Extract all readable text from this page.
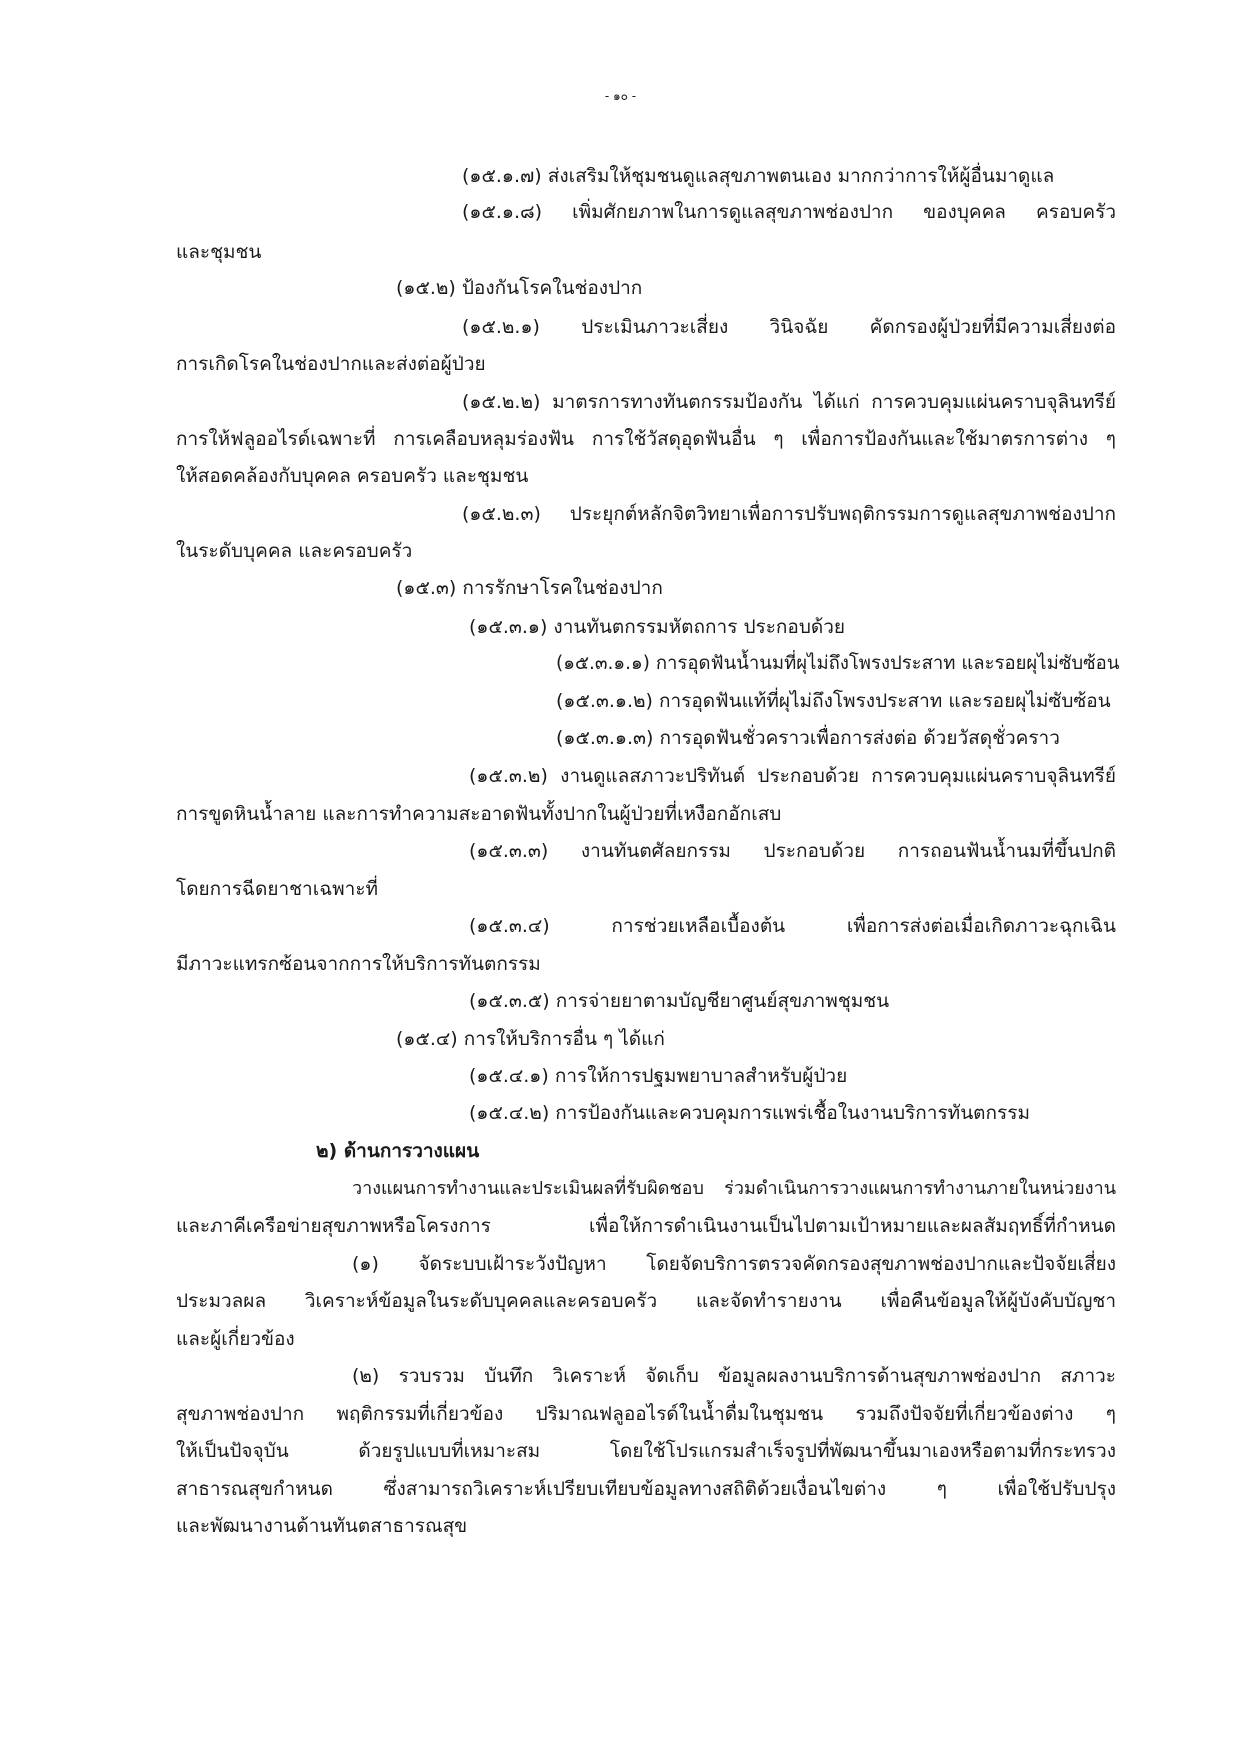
- ๑๐ -
(๑๕.๑.๗) ส่งเสริมให้ชุมชนดูแลสุขภาพตนเอง มากกว่าการให้ผู้อื่นมาดูแล
(๑๕.๑.๘) เพิ่มศักยภาพในการดูแลสุขภาพช่องปาก ของบุคคล ครอบครัว
และชุมชน
(๑๕.๒) ป้องกันโรคในช่องปาก
(๑๕.๒.๑) ประเมินภาวะเสี่ยง วินิจฉัย คัดกรองผู้ป่วยที่มีความเสี่ยงต่อ
การเกิดโรคในช่องปากและส่งต่อผู้ป่วย
(๑๕.๒.๒) มาตรการทางทันตกรรมป้องกัน ได้แก่ การควบคุมแผ่นคราบจุลินทรีย์
การให้ฟลูออไรด์เฉพาะที่ การเคลือบหลุมร่องฟัน การใช้วัสดุอุดฟันอื่น ๆ เพื่อการป้องกันและใช้มาตรการต่าง ๆ
ให้สอดคล้องกับบุคคล ครอบครัว และชุมชน
(๑๕.๒.๓) ประยุกต์หลักจิตวิทยาเพื่อการปรับพฤติกรรมการดูแลสุขภาพช่องปาก
ในระดับบุคคล และครอบครัว
(๑๕.๓) การรักษาโรคในช่องปาก
(๑๕.๓.๑) งานทันตกรรมหัตถการ ประกอบด้วย
(๑๕.๓.๑.๑) การอุดฟันน้ำนมที่ผุไม่ถึงโพรงประสาท และรอยผุไม่ซับซ้อน
(๑๕.๓.๑.๒) การอุดฟันแท้ที่ผุไม่ถึงโพรงประสาท และรอยผุไม่ซับซ้อน
(๑๕.๓.๑.๓) การอุดฟันชั่วคราวเพื่อการส่งต่อ ด้วยวัสดุชั่วคราว
(๑๕.๓.๒) งานดูแลสภาวะปริทันต์ ประกอบด้วย การควบคุมแผ่นคราบจุลินทรีย์
การขูดหินน้ำลาย และการทำความสะอาดฟันทั้งปากในผู้ป่วยที่เหงือกอักเสบ
(๑๕.๓.๓) งานทันตศัลยกรรม ประกอบด้วย การถอนฟันน้ำนมที่ขึ้นปกติ
โดยการฉีดยาชาเฉพาะที่
(๑๕.๓.๔) การช่วยเหลือเบื้องต้น เพื่อการส่งต่อเมื่อเกิดภาวะฉุกเฉิน
มีภาวะแทรกซ้อนจากการให้บริการทันตกรรม
(๑๕.๓.๕) การจ่ายยาตามบัญชียาศูนย์สุขภาพชุมชน
(๑๕.๔) การให้บริการอื่น ๆ ได้แก่
(๑๕.๔.๑) การให้การปฐมพยาบาลสำหรับผู้ป่วย
(๑๕.๔.๒) การป้องกันและควบคุมการแพร่เชื้อในงานบริการทันตกรรม
๒) ด้านการวางแผน
วางแผนการทำงานและประเมินผลที่รับผิดชอบ ร่วมดำเนินการวางแผนการทำงานภายในหน่วยงาน
และภาคีเครือข่ายสุขภาพหรือโครงการ เพื่อให้การดำเนินงานเป็นไปตามเป้าหมายและผลสัมฤทธิ์ที่กำหนด
(๑) จัดระบบเฝ้าระวังปัญหา โดยจัดบริการตรวจคัดกรองสุขภาพช่องปากและปัจจัยเสี่ยง
ประมวลผล วิเคราะห์ข้อมูลในระดับบุคคลและครอบครัว และจัดทำรายงาน เพื่อคืนข้อมูลให้ผู้บังคับบัญชา
และผู้เกี่ยวข้อง
(๒) รวบรวม บันทึก วิเคราะห์ จัดเก็บ ข้อมูลผลงานบริการด้านสุขภาพช่องปาก สภาวะ
สุขภาพช่องปาก พฤติกรรมที่เกี่ยวข้อง ปริมาณฟลูออไรด์ในน้ำดื่มในชุมชน รวมถึงปัจจัยที่เกี่ยวข้องต่าง ๆ
ให้เป็นปัจจุบัน ด้วยรูปแบบที่เหมาะสม โดยใช้โปรแกรมสำเร็จรูปที่พัฒนาขึ้นมาเองหรือตามที่กระทรวง
สาธารณสุขกำหนด ซึ่งสามารถวิเคราะห์เปรียบเทียบข้อมูลทางสถิติด้วยเงื่อนไขต่าง ๆ เพื่อใช้ปรับปรุง
และพัฒนางานด้านทันตสาธารณสุข
